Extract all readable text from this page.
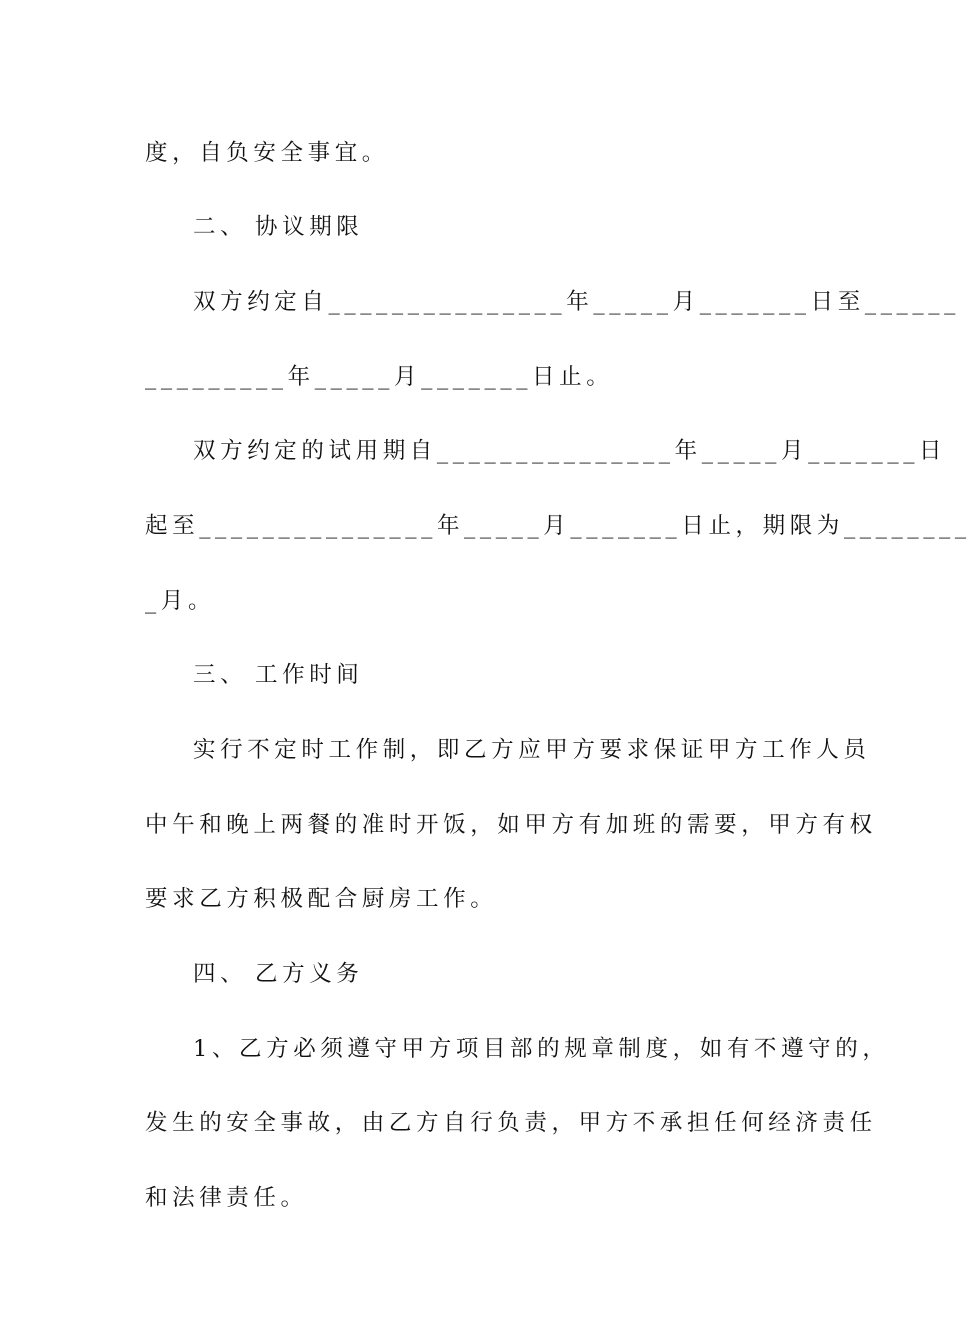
度，自负安全事宜。
二、 协议期限
双方约定自_______________年_____月_______日至______
_________年_____月_______日止。
双方约定的试用期自_______________年_____月_______日
起至_______________年_____月_______日止，期限为________
_月。
三、 工作时间
实行不定时工作制，即乙方应甲方要求保证甲方工作人员
中午和晚上两餐的准时开饭，如甲方有加班的需要，甲方有权
要求乙方积极配合厨房工作。
四、 乙方义务
1、乙方必须遵守甲方项目部的规章制度，如有不遵守的，
发生的安全事故，由乙方自行负责，甲方不承担任何经济责任
和法律责任。
